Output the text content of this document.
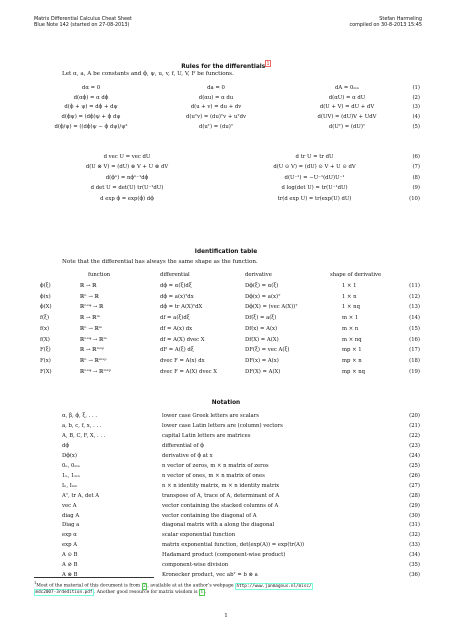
Matrix Differential Calculus Cheat Sheet
Blue Note 142 (started on 27-08-2013)
Stefan Harmeling
compiled on 30-8-2013 15:45
Rules for the differentials$^1$
Let α, a, A be constants and ϕ, ψ, u, v, f, U, V, F be functions.
dα = 0	da = 0	dA = 0ₘₙ	(1)
d(αϕ) = α dϕ	d(αu) = α du	d(αU) = α dU	(2)
d(ϕ + ψ) = dϕ + dψ	d(u + v) = du + dv	d(U + V) = dU + dV	(3)
d(ϕψ) = (dϕ)ψ + ϕ dψ	d(uᵀv) = (du)ᵀv + uᵀdv	d(UV) = (dU)V + UdV	(4)
d(ϕ/ψ) = ((dϕ)ψ − ϕ dψ)/ψ²	d(uᵀ) = (du)ᵀ	d(Uᵀ) = (dU)ᵀ	(5)
d vec U = vec dU	d tr U = tr dU	(6)
d(U ⊗ V) = (dU) ⊗ V + U ⊗ dV	d(U ⊙ V) = (dU) ⊙ V + U ⊙ dV	(7)
d(ϕⁿ) = nϕⁿ⁻¹dϕ	d(U⁻¹) = −U⁻¹(dU)U⁻¹	(8)
d det U = det(U) tr(U⁻¹dU)	d log(det U) = tr(U⁻¹dU)	(9)
d exp ϕ = exp(ϕ) dϕ	tr(d exp U) = tr(exp(U) dU)	(10)
Identification table
Note that the differential has always the same shape as the function.
function	differential	derivative	shape of derivative
ϕ(ξ)	ℝ → ℝ	dϕ = α(ξ)dξ	Dϕ(ξ) = α(ξ)	1 × 1	(11)
ϕ(x)	ℝⁿ → ℝ	dϕ = a(x)ᵀdx	Dϕ(x) = a(x)ᵀ	1 × n	(12)
ϕ(X)	ℝⁿˣᵠ → ℝ	dϕ = tr A(X)ᵀdX	Dϕ(X) = (vec A(X))ᵀ	1 × nq	(13)
f(ξ)	ℝ → ℝᵐ	df = a(ξ)dξ	Df(ξ) = a(ξ)	m × 1	(14)
f(x)	ℝⁿ → ℝᵐ	df = A(x) dx	Df(x) = A(x)	m × n	(15)
f(X)	ℝⁿˣᵠ → ℝᵐ	df = A(X) dvec X	Df(X) = A(X)	m × nq	(16)
F(ξ)	ℝ → ℝᵐˣᵖ	dF = A(ξ) dξ	DF(ξ) = vec A(ξ)	mp × 1	(17)
F(x)	ℝⁿ → ℝᵐˣᵖ	dvec F = A(x) dx	DF(x) = A(x)	mp × n	(18)
F(X)	ℝⁿˣᵠ → ℝᵐˣᵖ	dvec F = A(X) dvec X	DF(X) = A(X)	mp × nq	(19)
Notation
α, β, ϕ, ξ, . . .	lower case Greek letters are scalars	(20)
a, b, c, f, x, . . .	lower case Latin letters are (column) vectors	(21)
A, B, C, F, X, . . .	capital Latin letters are matrices	(22)
dϕ	differential of ϕ	(23)
Dϕ(x)	derivative of ϕ at x	(24)
0ₙ, 0ₘₙ	n vector of zeros, m × n matrix of zeros	(25)
1ₙ, 1ₘₙ	n vector of ones, m × n matrix of ones	(26)
Iₙ, Iₘₙ	n × n identity matrix, m × n identity matrix	(27)
Aᵀ, tr A, det A	transpose of A, trace of A, determinant of A	(28)
vec A	vector containing the stacked columns of A	(29)
diag A	vector containing the diagonal of A	(30)
Diag a	diagonal matrix with a along the diagonal	(31)
exp α	scalar exponential function	(32)
exp A	matrix exponential function, det(exp(A)) = exp(tr(A))	(33)
A ⊙ B	Hadamard product (component-wise product)	(34)
A ⊘ B	component-wise division	(35)
A ⊗ B	Kronecker product, vec abᵀ = b ⊗ a	(36)
$^1$Most of the material of this document is from 2 , available at at the author’s webpage http://www.janmagnus.nl/misc/
mdc2007-3rdedition.pdf . Another good resource for matrix wisdom is 1 .
1
